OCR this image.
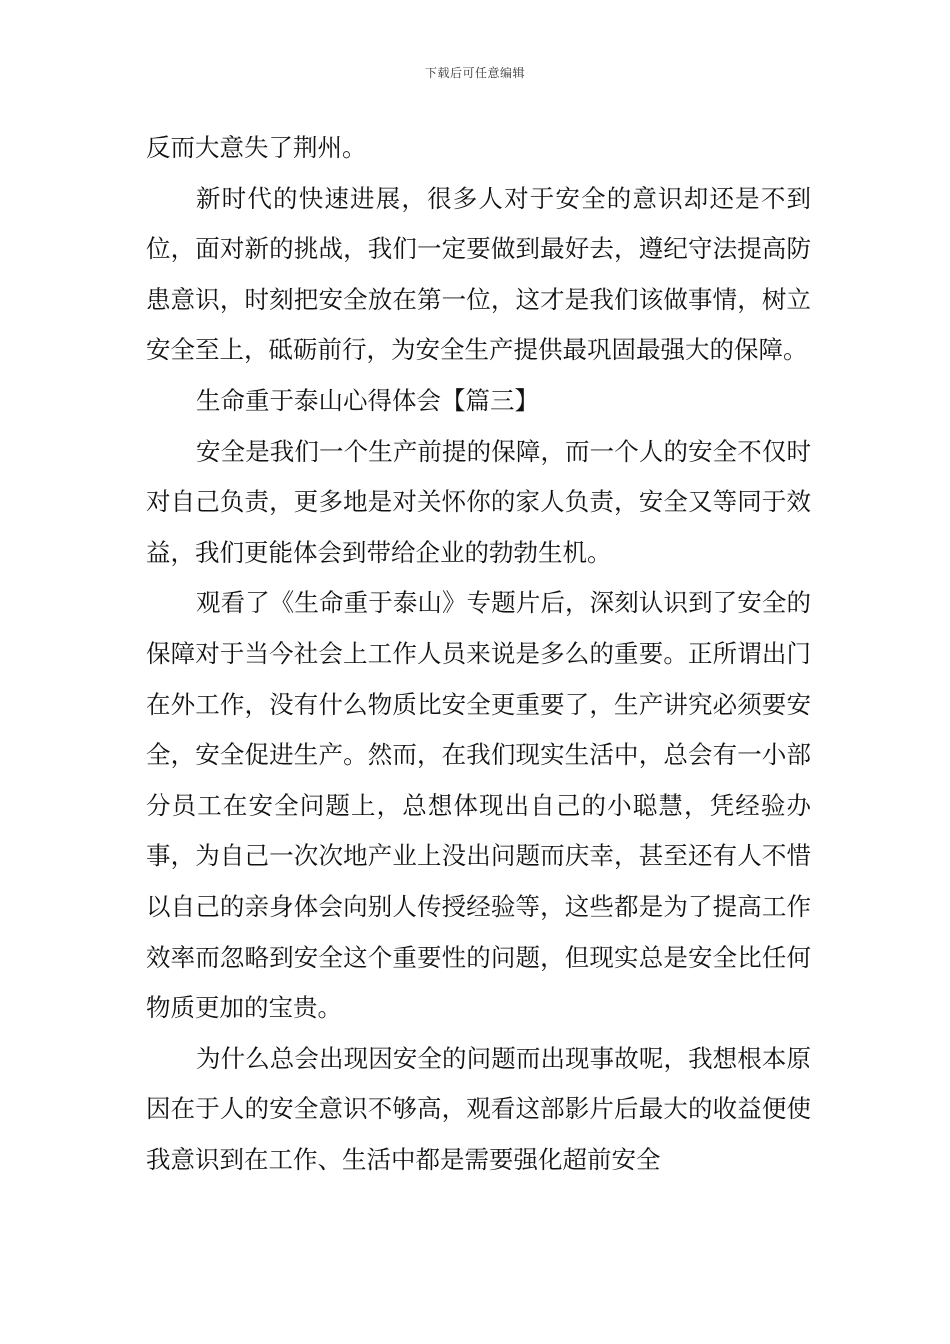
下载后可任意编辑

反而大意失了荆州。

新时代的快速进展，很多人对于安全的意识却还是不到位，面对新的挑战，我们一定要做到最好去，遵纪守法提高防患意识，时刻把安全放在第一位，这才是我们该做事情，树立安全至上，砥砺前行，为安全生产提供最巩固最强大的保障。

生命重于泰山心得体会【篇三】

安全是我们一个生产前提的保障，而一个人的安全不仅时对自己负责，更多地是对关怀你的家人负责，安全又等同于效益，我们更能体会到带给企业的勃勃生机。

观看了《生命重于泰山》专题片后，深刻认识到了安全的保障对于当今社会上工作人员来说是多么的重要。正所谓出门在外工作，没有什么物质比安全更重要了，生产讲究必须要安全，安全促进生产。然而，在我们现实生活中，总会有一小部分员工在安全问题上，总想体现出自己的小聪慧，凭经验办事，为自己一次次地产业上没出问题而庆幸，甚至还有人不惜以自己的亲身体会向别人传授经验等，这些都是为了提高工作效率而忽略到安全这个重要性的问题，但现实总是安全比任何物质更加的宝贵。

为什么总会出现因安全的问题而出现事故呢，我想根本原因在于人的安全意识不够高，观看这部影片后最大的收益便使我意识到在工作、生活中都是需要强化超前安全
